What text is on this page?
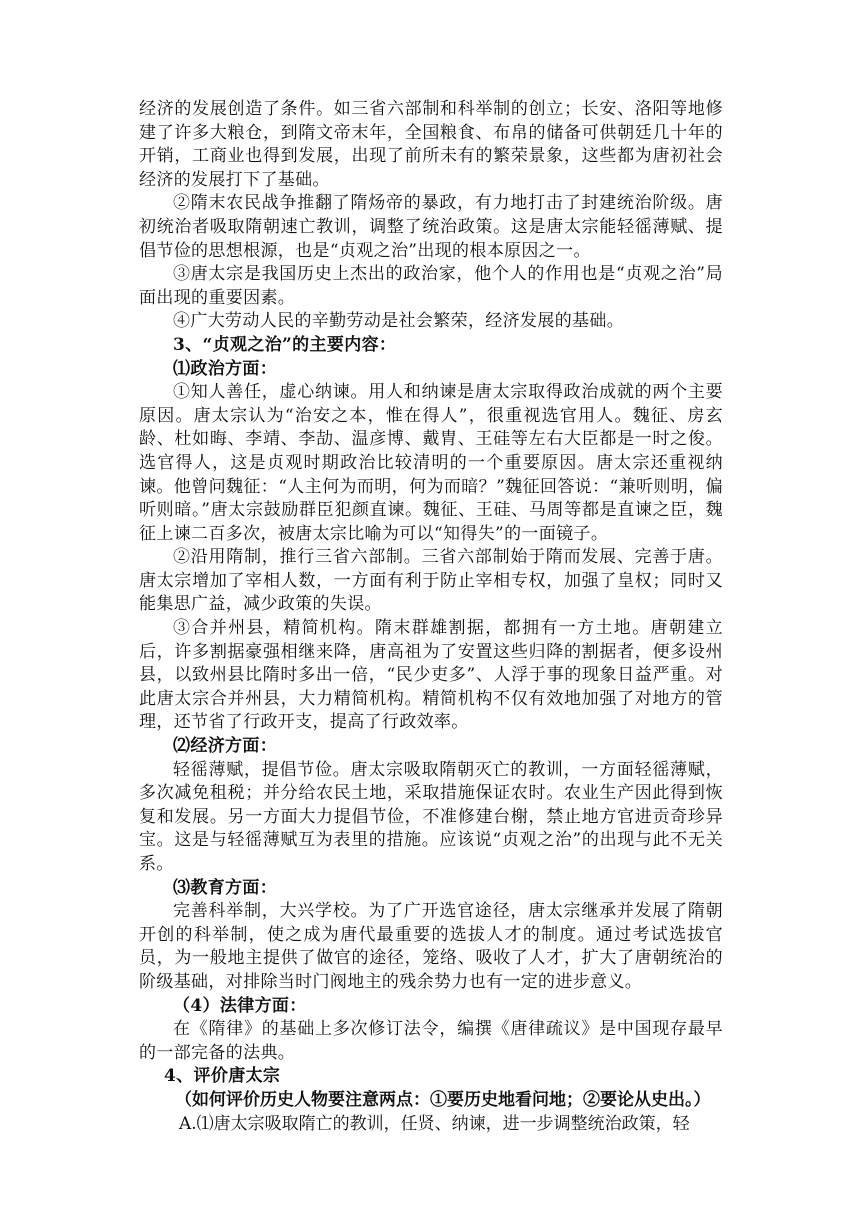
经济的发展创造了条件。如三省六部制和科举制的创立；长安、洛阳等地修建了许多大粮仓，到隋文帝末年，全国粮食、布帛的储备可供朝廷几十年的开销，工商业也得到发展，出现了前所未有的繁荣景象，这些都为唐初社会经济的发展打下了基础。

②隋末农民战争推翻了隋炀帝的暴政，有力地打击了封建统治阶级。唐初统治者吸取隋朝速亡教训，调整了统治政策。这是唐太宗能轻徭薄赋、提倡节俭的思想根源，也是“贞观之治”出现的根本原因之一。

③唐太宗是我国历史上杰出的政治家，他个人的作用也是“贞观之治”局面出现的重要因素。

④广大劳动人民的辛勤劳动是社会繁荣，经济发展的基础。

3、“贞观之治”的主要内容：

⑴政治方面：

①知人善任，虚心纳谏。用人和纳谏是唐太宗取得政治成就的两个主要原因。唐太宗认为“治安之本，惟在得人”，很重视选官用人。魏征、房玄龄、杜如晦、李靖、李劼、温彦博、戴胄、王硅等左右大臣都是一时之俊。选官得人，这是贞观时期政治比较清明的一个重要原因。唐太宗还重视纳谏。他曾问魏征：“人主何为而明，何为而暗？”魏征回答说：“兼听则明，偏听则暗。”唐太宗鼓励群臣犯颜直谏。魏征、王硅、马周等都是直谏之臣，魏征上谏二百多次，被唐太宗比喻为可以“知得失”的一面镜子。

②沿用隋制，推行三省六部制。三省六部制始于隋而发展、完善于唐。唐太宗增加了宰相人数，一方面有利于防止宰相专权，加强了皇权；同时又能集思广益，减少政策的失误。

③合并州县，精简机构。隋末群雄割据，都拥有一方土地。唐朝建立后，许多割据豪强相继来降，唐高祖为了安置这些归降的割据者，便多设州县，以致州县比隋时多出一倍，“民少吏多”、人浮于事的现象日益严重。对此唐太宗合并州县，大力精简机构。精简机构不仅有效地加强了对地方的管理，还节省了行政开支，提高了行政效率。

⑵经济方面：

轻徭薄赋，提倡节俭。唐太宗吸取隋朝灭亡的教训，一方面轻徭薄赋，多次减免租税；并分给农民土地，采取措施保证农时。农业生产因此得到恢复和发展。另一方面大力提倡节俭，不准修建台榭，禁止地方官进贡奇珍异宝。这是与轻徭薄赋互为表里的措施。应该说“贞观之治”的出现与此不无关系。

⑶教育方面：

完善科举制，大兴学校。为了广开选官途径，唐太宗继承并发展了隋朝开创的科举制，使之成为唐代最重要的选拔人才的制度。通过考试选拔官员，为一般地主提供了做官的途径，笼络、吸收了人才，扩大了唐朝统治的阶级基础，对排除当时门阀地主的残余势力也有一定的进步意义。

（4）法律方面：

在《隋律》的基础上多次修订法令，编撰《唐律疏议》是中国现存最早的一部完备的法典。

4、评价唐太宗

（如何评价历史人物要注意两点：①要历史地看问地；②要论从史出。）

A.⑴唐太宗吸取隋亡的教训，任贤、纳谏，进一步调整统治政策，轻
